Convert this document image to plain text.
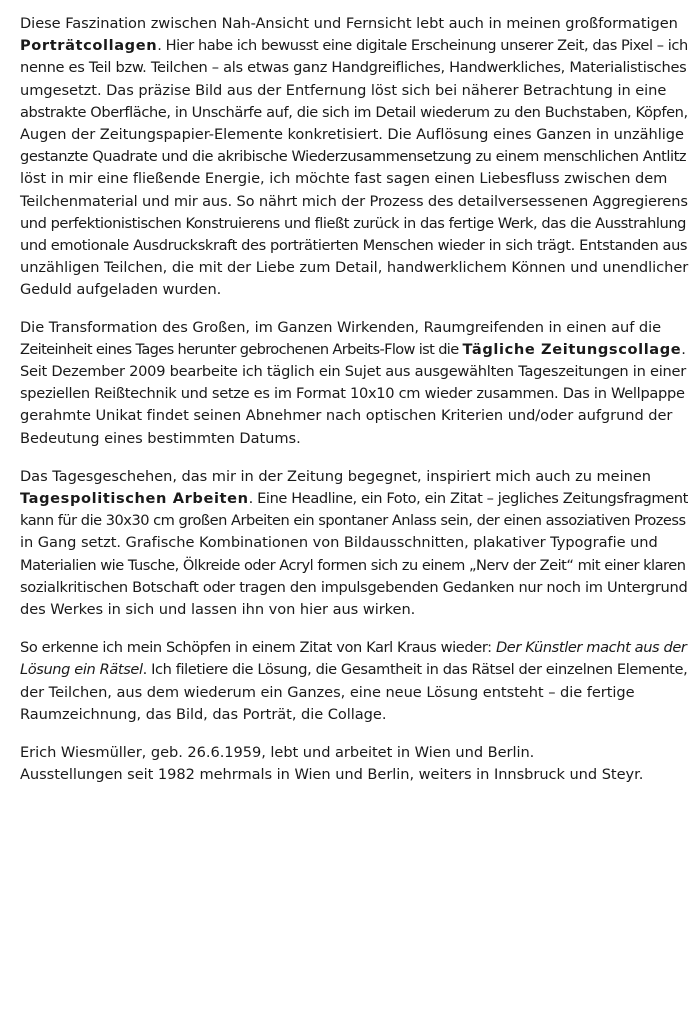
Diese Faszination zwischen Nah-Ansicht und Fernsicht lebt auch in meinen großformatigen
Porträtcollagen. Hier habe ich bewusst eine digitale Erscheinung unserer Zeit, das Pixel – ich
nenne es Teil bzw. Teilchen – als etwas ganz Handgreifliches, Handwerkliches, Materialistisches
umgesetzt. Das präzise Bild aus der Entfernung löst sich bei näherer Betrachtung in eine
abstrakte Oberfläche, in Unschärfe auf, die sich im Detail wiederum zu den Buchstaben, Köpfen,
Augen der Zeitungspapier-Elemente konkretisiert. Die Auflösung eines Ganzen in unzählige
gestanzte Quadrate und die akribische Wiederzusammensetzung zu einem menschlichen Antlitz
löst in mir eine fließende Energie, ich möchte fast sagen einen Liebesfluss zwischen dem
Teilchenmaterial und mir aus. So nährt mich der Prozess des detailversessenen Aggregierens
und perfektionistischen Konstruierens und fließt zurück in das fertige Werk, das die Ausstrahlung
und emotionale Ausdruckskraft des porträtierten Menschen wieder in sich trägt. Entstanden aus
unzähligen Teilchen, die mit der Liebe zum Detail, handwerklichem Können und unendlicher
Geduld aufgeladen wurden.

Die Transformation des Großen, im Ganzen Wirkenden, Raumgreifenden in einen auf die
Zeiteinheit eines Tages herunter gebrochenen Arbeits-Flow ist die Tägliche Zeitungscollage.
Seit Dezember 2009 bearbeite ich täglich ein Sujet aus ausgewählten Tageszeitungen in einer
speziellen Reißtechnik und setze es im Format 10x10 cm wieder zusammen. Das in Wellpappe
gerahmte Unikat findet seinen Abnehmer nach optischen Kriterien und/oder aufgrund der
Bedeutung eines bestimmten Datums.

Das Tagesgeschehen, das mir in der Zeitung begegnet, inspiriert mich auch zu meinen
Tagespolitischen Arbeiten. Eine Headline, ein Foto, ein Zitat – jegliches Zeitungsfragment
kann für die 30x30 cm großen Arbeiten ein spontaner Anlass sein, der einen assoziativen Prozess
in Gang setzt. Grafische Kombinationen von Bildausschnitten, plakativer Typografie und
Materialien wie Tusche, Ölkreide oder Acryl formen sich zu einem „Nerv der Zeit“ mit einer klaren
sozialkritischen Botschaft oder tragen den impulsgebenden Gedanken nur noch im Untergrund
des Werkes in sich und lassen ihn von hier aus wirken.

So erkenne ich mein Schöpfen in einem Zitat von Karl Kraus wieder: Der Künstler macht aus der
Lösung ein Rätsel. Ich filetiere die Lösung, die Gesamtheit in das Rätsel der einzelnen Elemente,
der Teilchen, aus dem wiederum ein Ganzes, eine neue Lösung entsteht – die fertige
Raumzeichnung, das Bild, das Porträt, die Collage.

Erich Wiesmüller, geb. 26.6.1959, lebt und arbeitet in Wien und Berlin.
Ausstellungen seit 1982 mehrmals in Wien und Berlin, weiters in Innsbruck und Steyr.
